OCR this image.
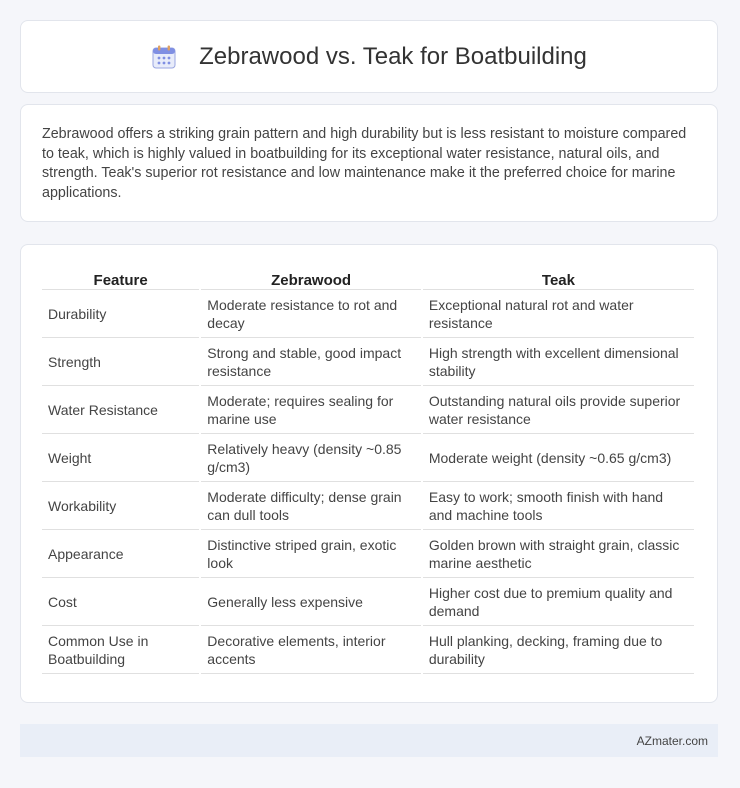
Zebrawood vs. Teak for Boatbuilding

Zebrawood offers a striking grain pattern and high durability but is less resistant to moisture compared to teak, which is highly valued in boatbuilding for its exceptional water resistance, natural oils, and strength. Teak's superior rot resistance and low maintenance make it the preferred choice for marine applications.

Feature	Zebrawood	Teak
Durability	Moderate resistance to rot and decay	Exceptional natural rot and water resistance
Strength	Strong and stable, good impact resistance	High strength with excellent dimensional stability
Water Resistance	Moderate; requires sealing for marine use	Outstanding natural oils provide superior water resistance
Weight	Relatively heavy (density ~0.85 g/cm3)	Moderate weight (density ~0.65 g/cm3)
Workability	Moderate difficulty; dense grain can dull tools	Easy to work; smooth finish with hand and machine tools
Appearance	Distinctive striped grain, exotic look	Golden brown with straight grain, classic marine aesthetic
Cost	Generally less expensive	Higher cost due to premium quality and demand
Common Use in Boatbuilding	Decorative elements, interior accents	Hull planking, decking, framing due to durability
AZmater.com
